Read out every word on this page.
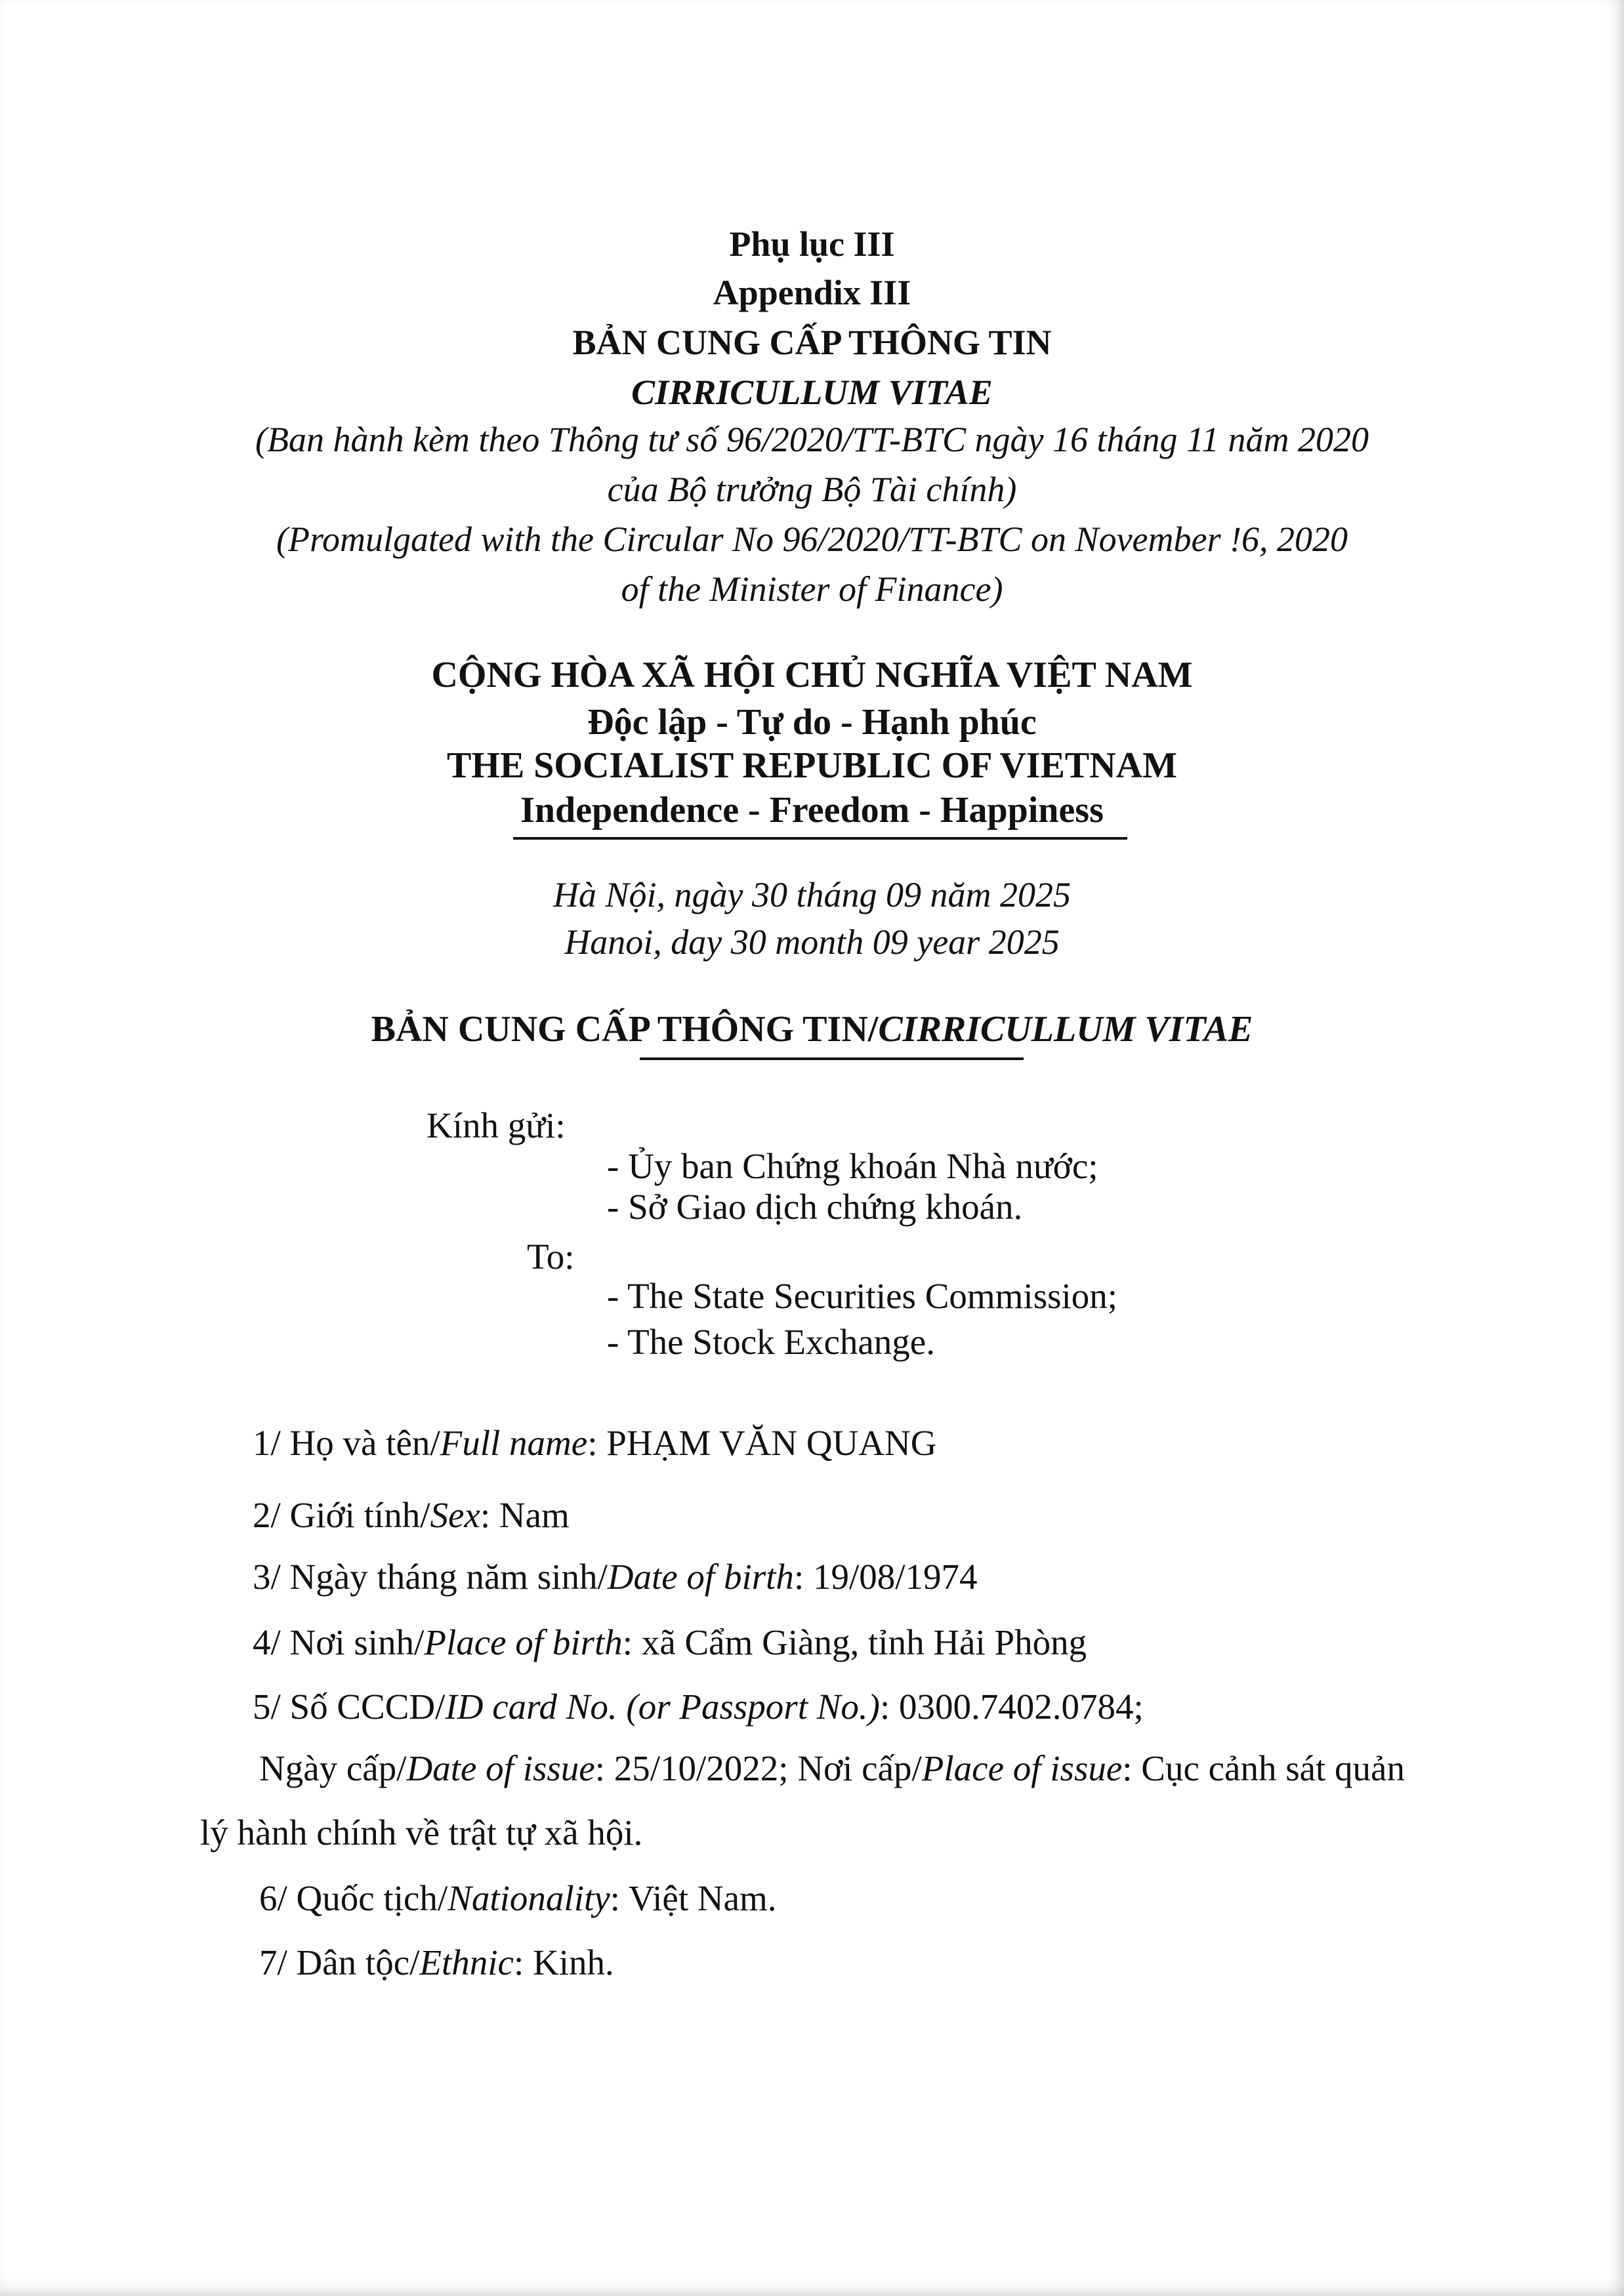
Phụ lục III
Appendix III
BẢN CUNG CẤP THÔNG TIN
CIRRICULLUM VITAE
(Ban hành kèm theo Thông tư số 96/2020/TT-BTC ngày 16 tháng 11 năm 2020
của Bộ trưởng Bộ Tài chính)
(Promulgated with the Circular No 96/2020/TT-BTC on November !6, 2020
of the Minister of Finance)
CỘNG HÒA XÃ HỘI CHỦ NGHĨA VIỆT NAM
Độc lập - Tự do - Hạnh phúc
THE SOCIALIST REPUBLIC OF VIETNAM
Independence - Freedom - Happiness
Hà Nội, ngày 30 tháng 09 năm 2025
Hanoi, day 30 month 09 year 2025
BẢN CUNG CẤP THÔNG TIN/CIRRICULLUM VITAE
Kính gửi:
- Ủy ban Chứng khoán Nhà nước;
- Sở Giao dịch chứng khoán.
To:
- The State Securities Commission;
- The Stock Exchange.
1/ Họ và tên/Full name: PHẠM VĂN QUANG
2/ Giới tính/Sex: Nam
3/ Ngày tháng năm sinh/Date of birth: 19/08/1974
4/ Nơi sinh/Place of birth: xã Cẩm Giàng, tỉnh Hải Phòng
5/ Số CCCD/ID card No. (or Passport No.): 0300.7402.0784;
Ngày cấp/Date of issue: 25/10/2022; Nơi cấp/Place of issue: Cục cảnh sát quản
lý hành chính về trật tự xã hội.
6/ Quốc tịch/Nationality: Việt Nam.
7/ Dân tộc/Ethnic: Kinh.
